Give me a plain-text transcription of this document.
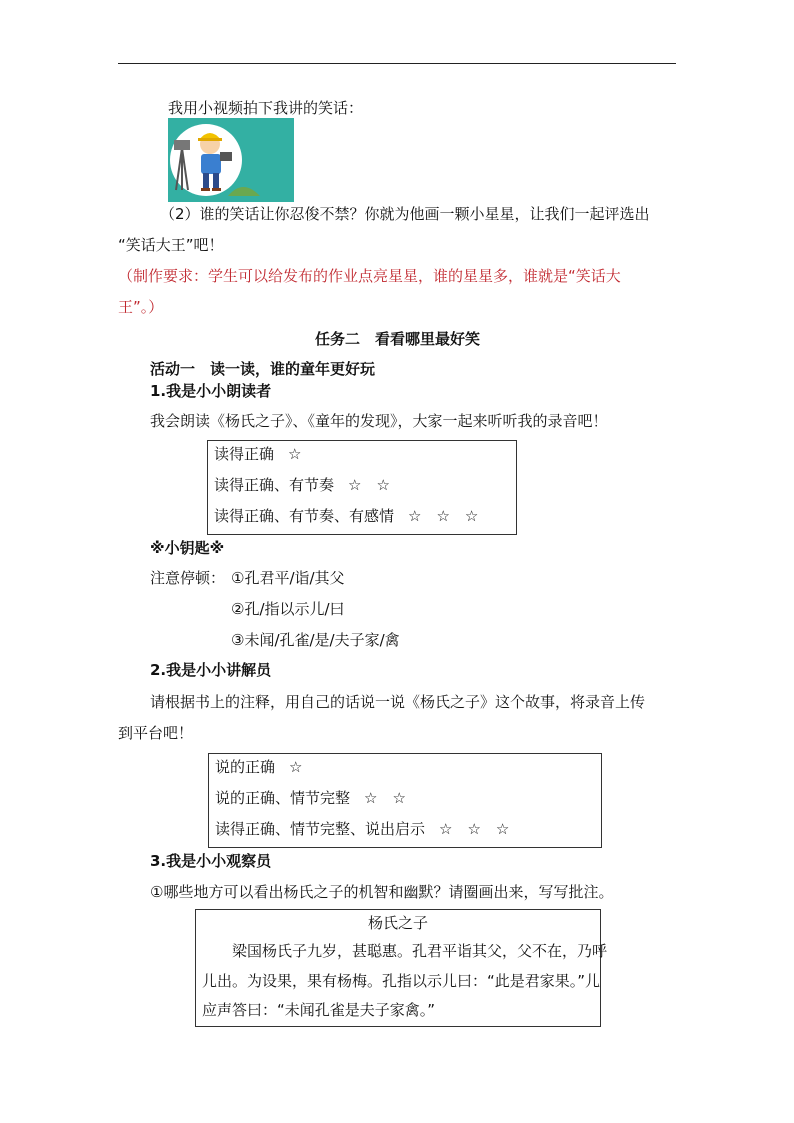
我用小视频拍下我讲的笑话：
（2）谁的笑话让你忍俊不禁？你就为他画一颗小星星，让我们一起评选出
“笑话大王”吧！
（制作要求：学生可以给发布的作业点亮星星，谁的星星多，谁就是“笑话大
王”。）
任务二　看看哪里最好笑
活动一　读一读，谁的童年更好玩
1.我是小小朗读者
我会朗读《杨氏之子》、《童年的发现》，大家一起来听听我的录音吧！
读得正确 ☆
读得正确、有节奏 ☆　☆
读得正确、有节奏、有感情 ☆　☆　☆
※小钥匙※
注意停顿： ①孔君平/诣/其父
②孔/指以示儿/曰
③未闻/孔雀/是/夫子家/禽
2.我是小小讲解员
请根据书上的注释，用自己的话说一说《杨氏之子》这个故事，将录音上传
到平台吧！
说的正确 ☆
说的正确、情节完整 ☆　☆
读得正确、情节完整、说出启示 ☆　☆　☆
3.我是小小观察员
①哪些地方可以看出杨氏之子的机智和幽默？请圈画出来，写写批注。
杨氏之子
梁国杨氏子九岁，甚聪惠。孔君平诣其父，父不在，乃呼
儿出。为设果，果有杨梅。孔指以示儿曰：“此是君家果。”儿
应声答曰：“未闻孔雀是夫子家禽。”
